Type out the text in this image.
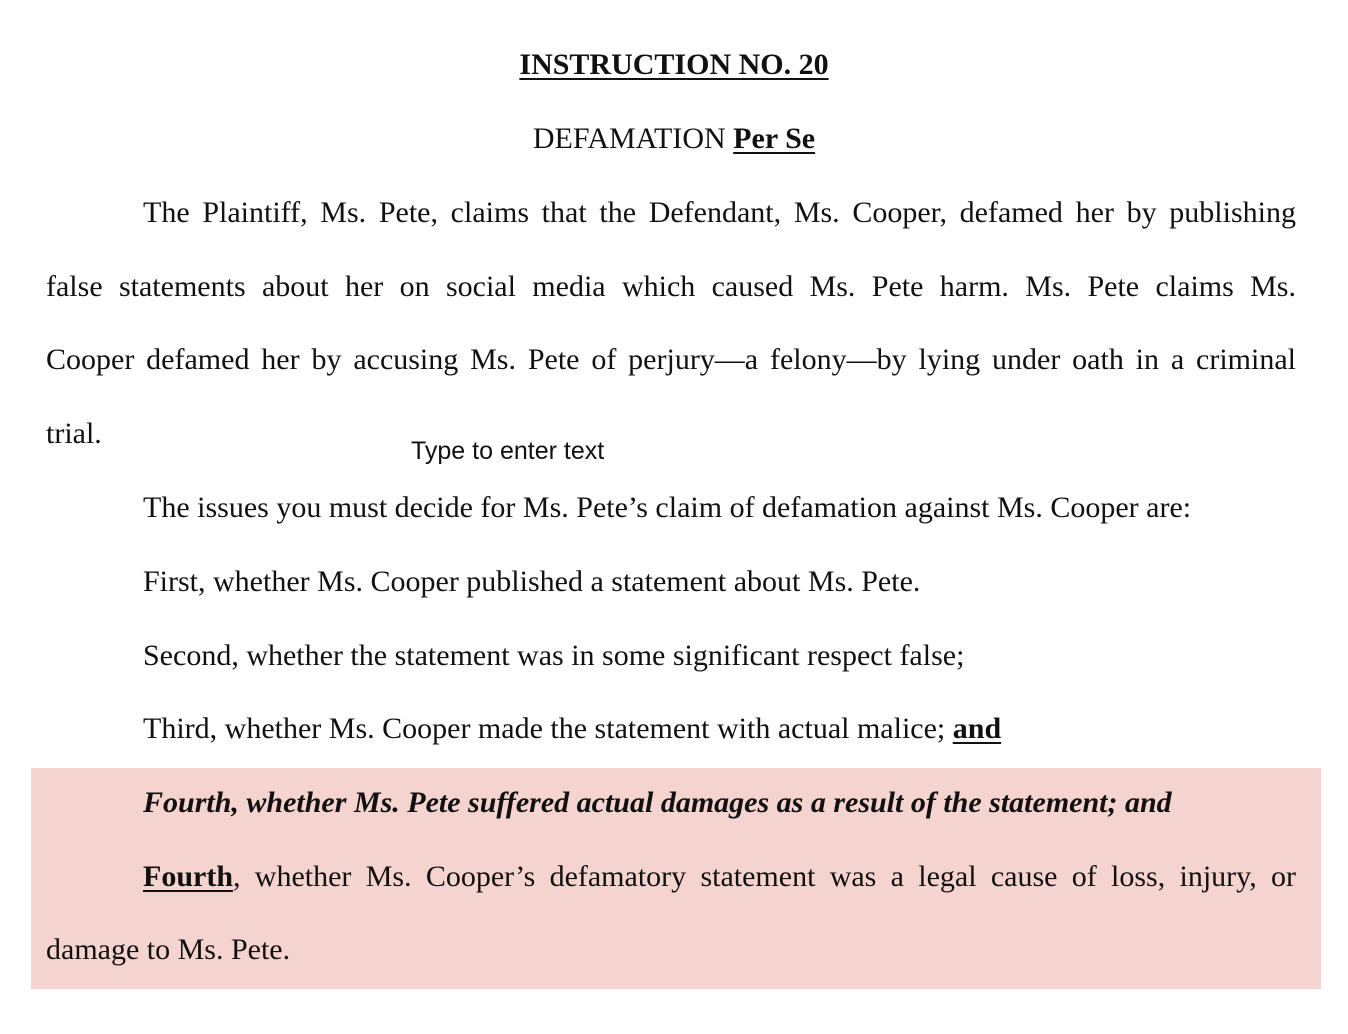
INSTRUCTION NO. 20
DEFAMATION Per Se
The Plaintiff, Ms. Pete, claims that the Defendant, Ms. Cooper, defamed her by publishing
false statements about her on social media which caused Ms. Pete harm. Ms. Pete claims Ms.
Cooper defamed her by accusing Ms. Pete of perjury—a felony—by lying under oath in a criminal
trial.
Type to enter text
The issues you must decide for Ms. Pete’s claim of defamation against Ms. Cooper are:
First, whether Ms. Cooper published a statement about Ms. Pete.
Second, whether the statement was in some significant respect false;
Third, whether Ms. Cooper made the statement with actual malice; and
Fourth, whether Ms. Pete suffered actual damages as a result of the statement; and
Fourth, whether Ms. Cooper’s defamatory statement was a legal cause of loss, injury, or
damage to Ms. Pete.
